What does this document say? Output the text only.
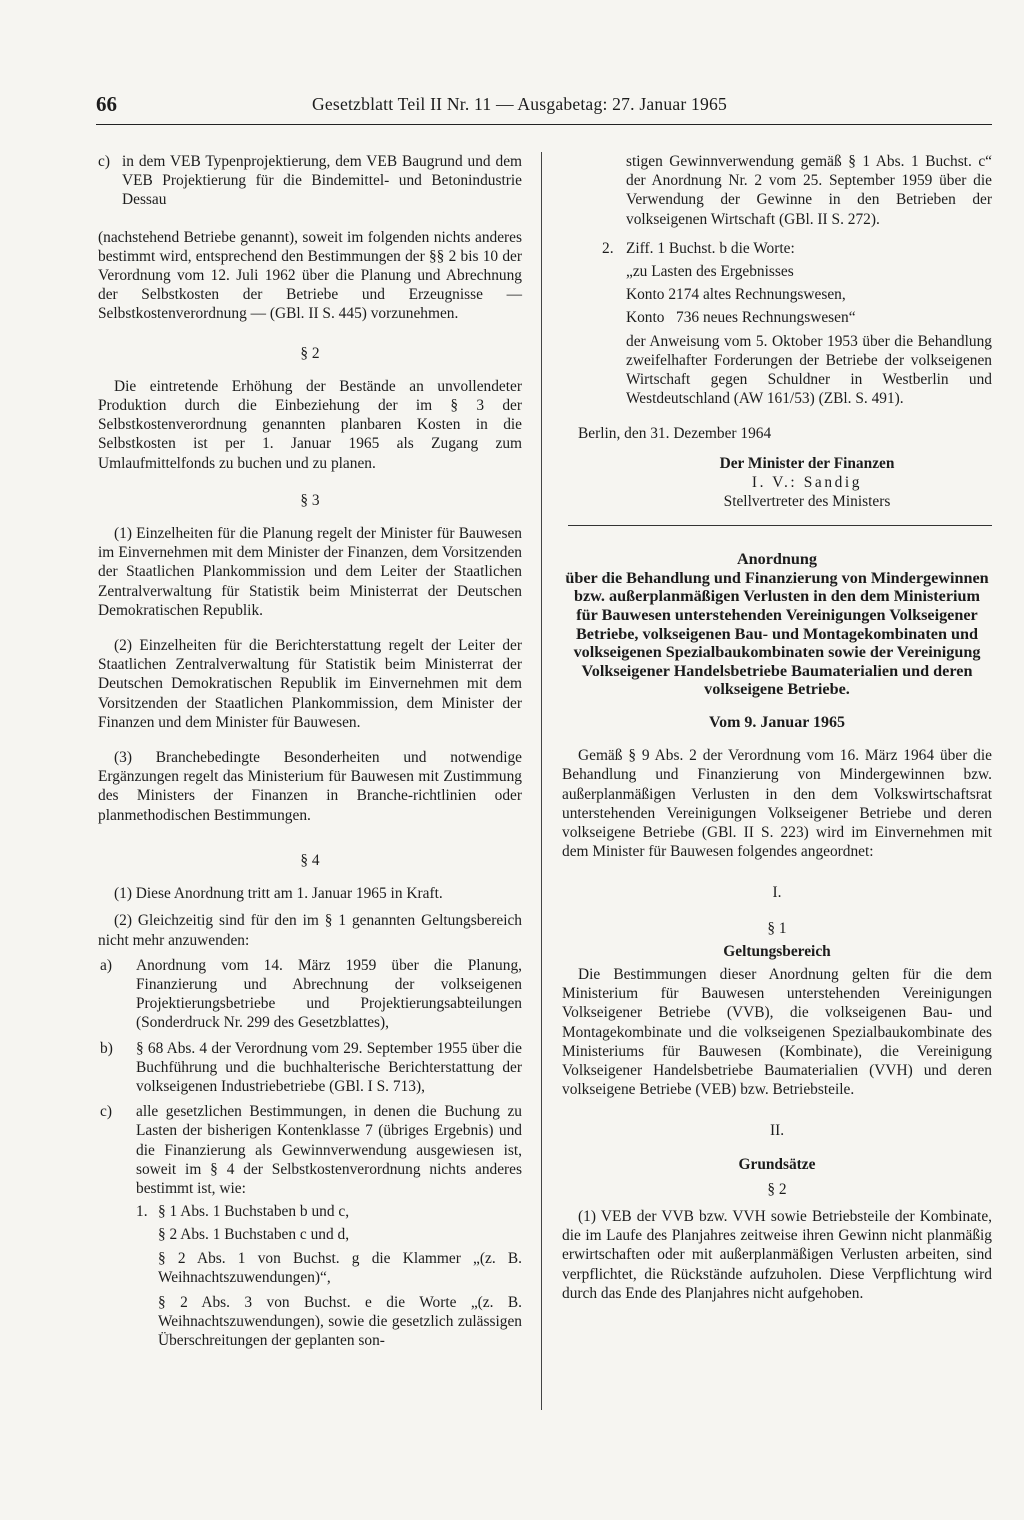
66	Gesetzblatt Teil II Nr. 11 — Ausgabetag: 27. Januar 1965
c) in dem VEB Typenprojektierung, dem VEB Baugrund und dem VEB Projektierung für die Bindemittel- und Betonindustrie Dessau

(nachstehend Betriebe genannt), soweit im folgenden nichts anderes bestimmt wird, entsprechend den Bestimmungen der §§ 2 bis 10 der Verordnung vom 12. Juli 1962 über die Planung und Abrechnung der Selbstkosten der Betriebe und Erzeugnisse — Selbstkostenverordnung — (GBl. II S. 445) vorzunehmen.

§ 2

Die eintretende Erhöhung der Bestände an unvollendeter Produktion durch die Einbeziehung der im § 3 der Selbstkostenverordnung genannten planbaren Kosten in die Selbstkosten ist per 1. Januar 1965 als Zugang zum Umlaufmittelfonds zu buchen und zu planen.

§ 3

(1) Einzelheiten für die Planung regelt der Minister für Bauwesen im Einvernehmen mit dem Minister der Finanzen, dem Vorsitzenden der Staatlichen Plankommission und dem Leiter der Staatlichen Zentralverwaltung für Statistik beim Ministerrat der Deutschen Demokratischen Republik.

(2) Einzelheiten für die Berichterstattung regelt der Leiter der Staatlichen Zentralverwaltung für Statistik beim Ministerrat der Deutschen Demokratischen Republik im Einvernehmen mit dem Vorsitzenden der Staatlichen Plankommission, dem Minister der Finanzen und dem Minister für Bauwesen.

(3) Branchebedingte Besonderheiten und notwendige Ergänzungen regelt das Ministerium für Bauwesen mit Zustimmung des Ministers der Finanzen in Branche-richtlinien oder planmethodischen Bestimmungen.

§ 4

(1) Diese Anordnung tritt am 1. Januar 1965 in Kraft.

(2) Gleichzeitig sind für den im § 1 genannten Geltungsbereich nicht mehr anzuwenden:

a)	Anordnung vom 14. März 1959 über die Planung, Finanzierung und Abrechnung der volkseigenen Projektierungsbetriebe und Projektierungsabteilungen (Sonderdruck Nr. 299 des Gesetzblattes),
b)	§ 68 Abs. 4 der Verordnung vom 29. September 1955 über die Buchführung und die buchhalterische Berichterstattung der volkseigenen Industriebetriebe (GBl. I S. 713),
c)	alle gesetzlichen Bestimmungen, in denen die Buchung zu Lasten der bisherigen Kontenklasse 7 (übriges Ergebnis) und die Finanzierung als Gewinnverwendung ausgewiesen ist, soweit im § 4 der Selbstkostenverordnung nichts anderes bestimmt ist, wie:
1. § 1 Abs. 1 Buchstaben b und c,

§ 2 Abs. 1 Buchstaben c und d,

§ 2 Abs. 1 von Buchst. g die Klammer „(z. B. Weihnachtszuwendungen)“,

§ 2 Abs. 3 von Buchst. e die Worte „(z. B. Weihnachtszuwendungen), sowie die gesetzlich zulässigen Überschreitungen der geplanten son-

stigen Gewinnverwendung gemäß § 1 Abs. 1 Buchst. c“ der Anordnung Nr. 2 vom 25. September 1959 über die Verwendung der Gewinne in den Betrieben der volkseigenen Wirtschaft (GBl. II S. 272).

2. Ziff. 1 Buchst. b die Worte:

„zu Lasten des Ergebnisses

Konto 2174 altes Rechnungswesen,

Konto   736 neues Rechnungswesen“

der Anweisung vom 5. Oktober 1953 über die Behandlung zweifelhafter Forderungen der Betriebe der volkseigenen Wirtschaft gegen Schuldner in Westberlin und Westdeutschland (AW 161/53) (ZBl. S. 491).

Berlin, den 31. Dezember 1964

Der Minister der Finanzen

I. V.: Sandig

Stellvertreter des Ministers

Anordnung

über die Behandlung und Finanzierung von Mindergewinnen bzw. außerplanmäßigen Verlusten in den dem Ministerium für Bauwesen unterstehenden Vereinigungen Volkseigener Betriebe, volkseigenen Bau- und Montagekombinaten und volkseigenen Spezialbaukombinaten sowie der Vereinigung Volkseigener Handelsbetriebe Baumaterialien und deren volkseigene Betriebe.

Vom 9. Januar 1965

Gemäß § 9 Abs. 2 der Verordnung vom 16. März 1964 über die Behandlung und Finanzierung von Mindergewinnen bzw. außerplanmäßigen Verlusten in den dem Volkswirtschaftsrat unterstehenden Vereinigungen Volkseigener Betriebe und deren volkseigene Betriebe (GBl. II S. 223) wird im Einvernehmen mit dem Minister für Bauwesen folgendes angeordnet:

I.

§ 1

Geltungsbereich

Die Bestimmungen dieser Anordnung gelten für die dem Ministerium für Bauwesen unterstehenden Vereinigungen Volkseigener Betriebe (VVB), die volkseigenen Bau- und Montagekombinate und die volkseigenen Spezialbaukombinate des Ministeriums für Bauwesen (Kombinate), die Vereinigung Volkseigener Handelsbetriebe Baumaterialien (VVH) und deren volkseigene Betriebe (VEB) bzw. Betriebsteile.

II.

Grundsätze

§ 2

(1) VEB der VVB bzw. VVH sowie Betriebsteile der Kombinate, die im Laufe des Planjahres zeitweise ihren Gewinn nicht planmäßig erwirtschaften oder mit außerplanmäßigen Verlusten arbeiten, sind verpflichtet, die Rückstände aufzuholen. Diese Verpflichtung wird durch das Ende des Planjahres nicht aufgehoben.
